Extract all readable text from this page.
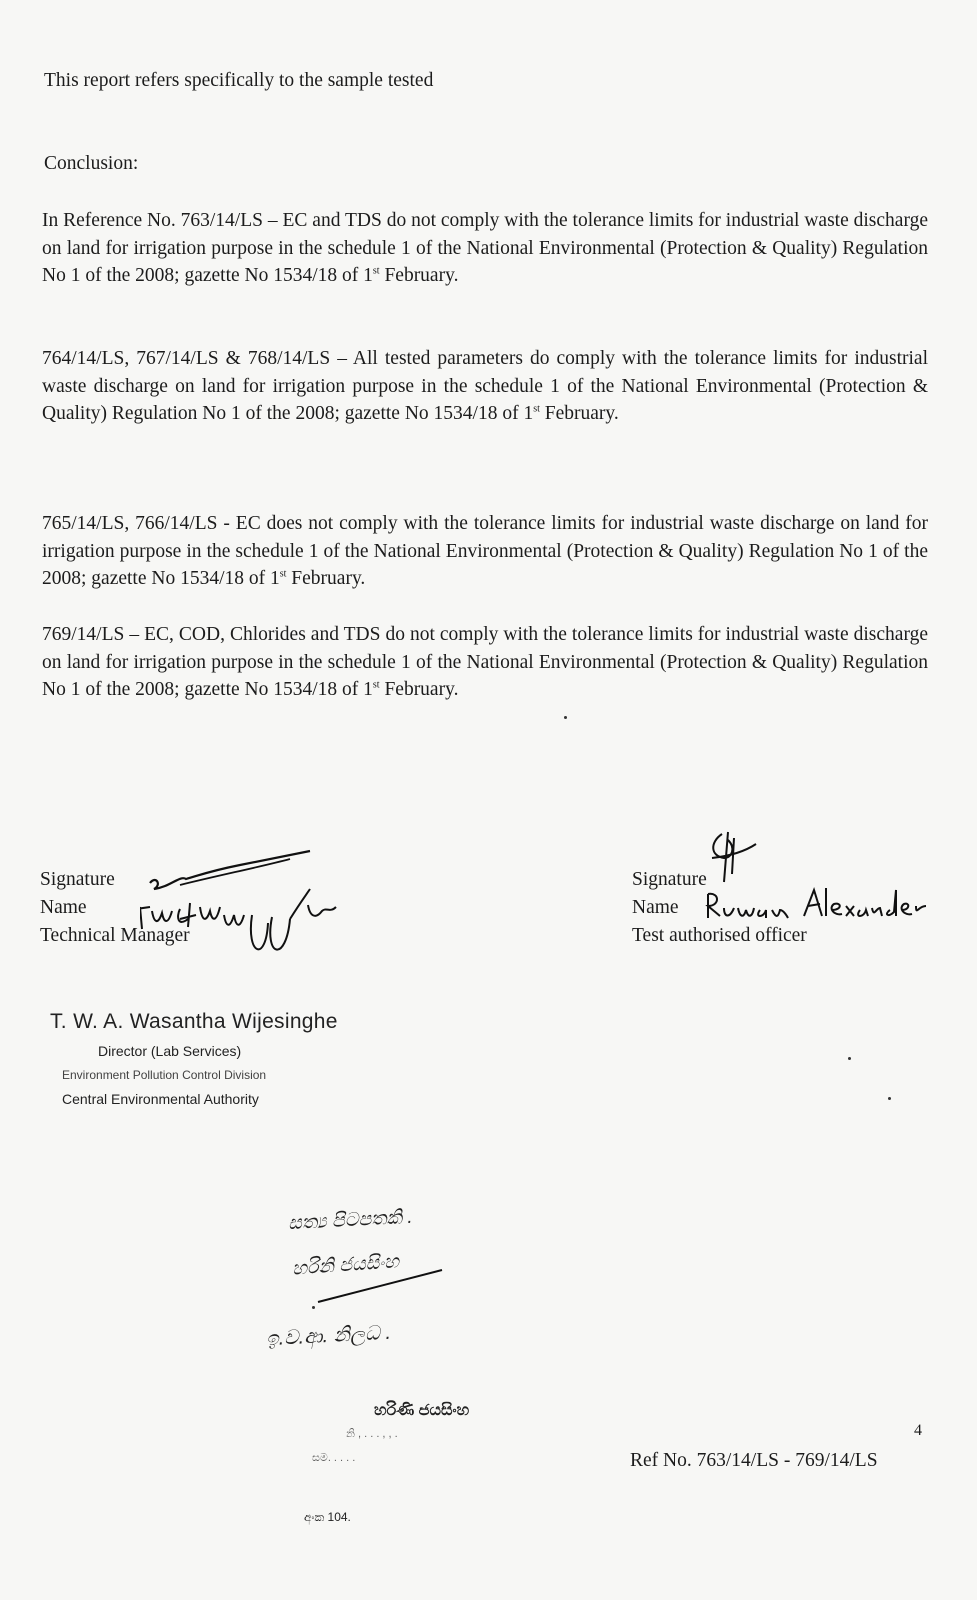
This report refers specifically to the sample tested
Conclusion:
In Reference No. 763/14/LS – EC and TDS do not comply with the tolerance limits for industrial waste discharge on land for irrigation purpose in the schedule 1 of the National Environmental (Protection & Quality) Regulation No 1 of the 2008; gazette No 1534/18 of 1st February.
764/14/LS, 767/14/LS & 768/14/LS – All tested parameters do comply with the tolerance limits for industrial waste discharge on land for irrigation purpose in the schedule 1 of the National Environmental (Protection & Quality) Regulation No 1 of the 2008; gazette No 1534/18 of 1st February.
765/14/LS, 766/14/LS - EC does not comply with the tolerance limits for industrial waste discharge on land for irrigation purpose in the schedule 1 of the National Environmental (Protection & Quality) Regulation No 1 of the 2008; gazette No 1534/18 of 1st February.
769/14/LS – EC, COD, Chlorides and TDS do not comply with the tolerance limits for industrial waste discharge on land for irrigation purpose in the schedule 1 of the National Environmental (Protection & Quality) Regulation No 1 of the 2008; gazette No 1534/18 of 1st February.
Signature
Name
Technical Manager
Signature
Name
Test authorised officer
T. W. A. Wasantha Wijesinghe
Director (Lab Services)
Environment Pollution Control Division
Central Environmental Authority
සත්‍ය පිටපතකි .
හරිනි ජයසිංහ
ඉ.ව.ආ. නිලධ .
හරිණි ජයසිංහ
නි , . . . , , .
සම. . . . .
අංක 104.
4
Ref No. 763/14/LS - 769/14/LS
